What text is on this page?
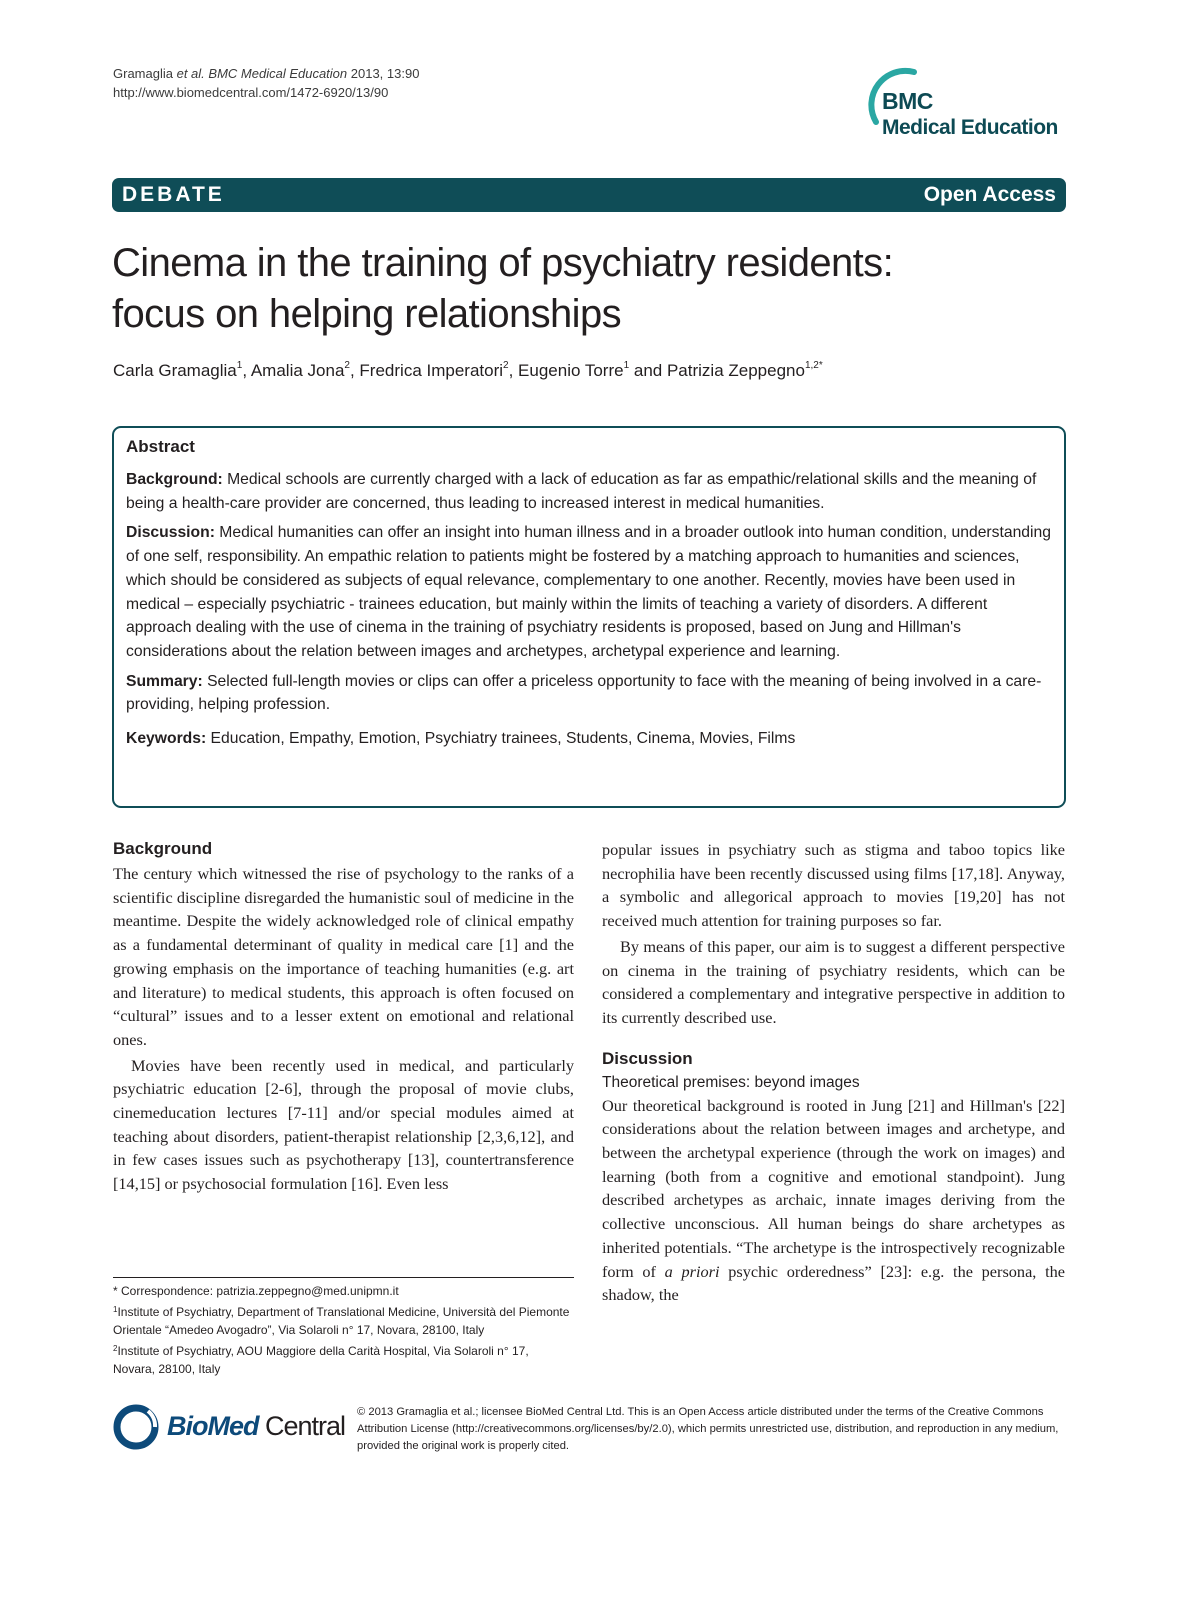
Gramaglia et al. BMC Medical Education 2013, 13:90
http://www.biomedcentral.com/1472-6920/13/90	BMC
Medical Education
DEBATE	Open Access
Cinema in the training of psychiatry residents:
focus on helping relationships
Carla Gramaglia$^1$, Amalia Jona$^2$, Fredrica Imperatori$^2$, Eugenio Torre$^1$ and Patrizia Zeppegno$^{1,2*}$
Abstract

Background: Medical schools are currently charged with a lack of education as far as empathic/relational skills and the meaning of being a health-care provider are concerned, thus leading to increased interest in medical humanities.

Discussion: Medical humanities can offer an insight into human illness and in a broader outlook into human condition, understanding of one self, responsibility. An empathic relation to patients might be fostered by a matching approach to humanities and sciences, which should be considered as subjects of equal relevance, complementary to one another. Recently, movies have been used in medical – especially psychiatric - trainees education, but mainly within the limits of teaching a variety of disorders. A different approach dealing with the use of cinema in the training of psychiatry residents is proposed, based on Jung and Hillman's considerations about the relation between images and archetypes, archetypal experience and learning.

Summary: Selected full-length movies or clips can offer a priceless opportunity to face with the meaning of being involved in a care-providing, helping profession.

Keywords: Education, Empathy, Emotion, Psychiatry trainees, Students, Cinema, Movies, Films

Background

The century which witnessed the rise of psychology to the ranks of a scientific discipline disregarded the humanistic soul of medicine in the meantime. Despite the widely acknowledged role of clinical empathy as a fundamental determinant of quality in medical care [1] and the growing emphasis on the importance of teaching humanities (e.g. art and literature) to medical students, this approach is often focused on “cultural” issues and to a lesser extent on emotional and relational ones.

Movies have been recently used in medical, and particularly psychiatric education [2-6], through the proposal of movie clubs, cinemeducation lectures [7-11] and/or special modules aimed at teaching about disorders, patient-therapist relationship [2,3,6,12], and in few cases issues such as psychotherapy [13], countertransference [14,15] or psychosocial formulation [16]. Even less

popular issues in psychiatry such as stigma and taboo topics like necrophilia have been recently discussed using films [17,18]. Anyway, a symbolic and allegorical approach to movies [19,20] has not received much attention for training purposes so far.

By means of this paper, our aim is to suggest a different perspective on cinema in the training of psychiatry residents, which can be considered a complementary and integrative perspective in addition to its currently described use.

Discussion
Theoretical premises: beyond images

Our theoretical background is rooted in Jung [21] and Hillman's [22] considerations about the relation between images and archetype, and between the archetypal experience (through the work on images) and learning (both from a cognitive and emotional standpoint). Jung described archetypes as archaic, innate images deriving from the collective unconscious. All human beings do share archetypes as inherited potentials. “The archetype is the introspectively recognizable form of a priori psychic orderedness” [23]: e.g. the persona, the shadow, the

* Correspondence: patrizia.zeppegno@med.unipmn.it
$^1$Institute of Psychiatry, Department of Translational Medicine, Università del Piemonte Orientale “Amedeo Avogadro”, Via Solaroli n° 17, Novara, 28100, Italy
$^2$Institute of Psychiatry, AOU Maggiore della Carità Hospital, Via Solaroli n° 17, Novara, 28100, Italy
BioMed Central © 2013 Gramaglia et al.; licensee BioMed Central Ltd. This is an Open Access article distributed under the terms of the Creative Commons Attribution License (http://creativecommons.org/licenses/by/2.0), which permits unrestricted use, distribution, and reproduction in any medium, provided the original work is properly cited.
